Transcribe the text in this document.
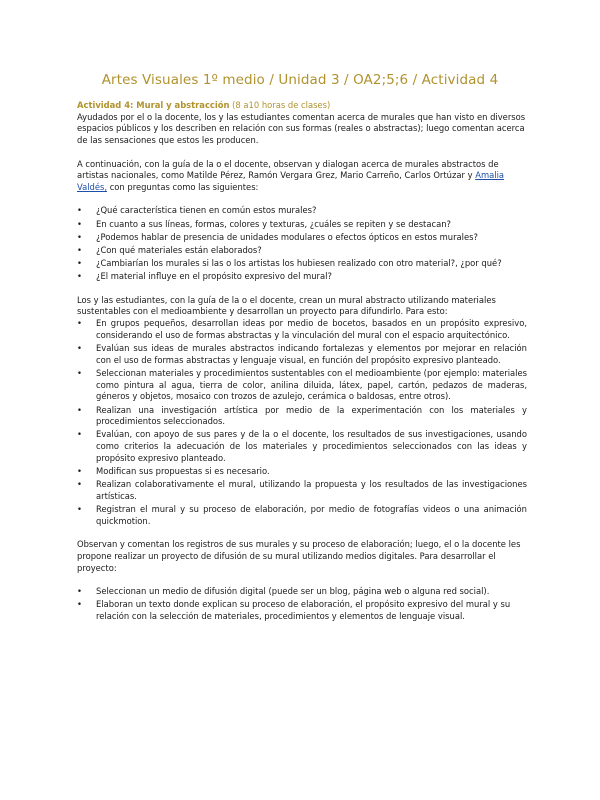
Artes Visuales 1º medio / Unidad 3 / OA2;5;6 / Actividad 4

Actividad 4: Mural y abstracción (8 a10 horas de clases)

Ayudados por el o la docente, los y las estudiantes comentan acerca de murales que han visto en diversos espacios públicos y los describen en relación con sus formas (reales o abstractas); luego comentan acerca de las sensaciones que estos les producen.

A continuación, con la guía de la o el docente, observan y dialogan acerca de murales abstractos de artistas nacionales, como Matilde Pérez, Ramón Vergara Grez, Mario Carreño, Carlos Ortúzar y Amalia Valdés, con preguntas como las siguientes:

•	¿Qué característica tienen en común estos murales?
•	En cuanto a sus líneas, formas, colores y texturas, ¿cuáles se repiten y se destacan?
•	¿Podemos hablar de presencia de unidades modulares o efectos ópticos en estos murales?
•	¿Con qué materiales están elaborados?
•	¿Cambiarían los murales si las o los artistas los hubiesen realizado con otro material?, ¿por qué?
•	¿El material influye en el propósito expresivo del mural?

Los y las estudiantes, con la guía de la o el docente, crean un mural abstracto utilizando materiales sustentables con el medioambiente y desarrollan un proyecto para difundirlo. Para esto:

•	En grupos pequeños, desarrollan ideas por medio de bocetos, basados en un propósito expresivo, considerando el uso de formas abstractas y la vinculación del mural con el espacio arquitectónico.
•	Evalúan sus ideas de murales abstractos indicando fortalezas y elementos por mejorar en relación con el uso de formas abstractas y lenguaje visual, en función del propósito expresivo planteado.
•	Seleccionan materiales y procedimientos sustentables con el medioambiente (por ejemplo: materiales como pintura al agua, tierra de color, anilina diluida, látex, papel, cartón, pedazos de maderas, géneros y objetos, mosaico con trozos de azulejo, cerámica o baldosas, entre otros).
•	Realizan una investigación artística por medio de la experimentación con los materiales y procedimientos seleccionados.
•	Evalúan, con apoyo de sus pares y de la o el docente, los resultados de sus investigaciones, usando como criterios la adecuación de los materiales y procedimientos seleccionados con las ideas y propósito expresivo planteado.
•	Modifican sus propuestas si es necesario.
•	Realizan colaborativamente el mural, utilizando la propuesta y los resultados de las investigaciones artísticas.
•	Registran el mural y su proceso de elaboración, por medio de fotografías videos o una animación quickmotion.

Observan y comentan los registros de sus murales y su proceso de elaboración; luego, el o la docente les propone realizar un proyecto de difusión de su mural utilizando medios digitales. Para desarrollar el proyecto:

•	Seleccionan un medio de difusión digital (puede ser un blog, página web o alguna red social).
•	Elaboran un texto donde explican su proceso de elaboración, el propósito expresivo del mural y su relación con la selección de materiales, procedimientos y elementos de lenguaje visual.
